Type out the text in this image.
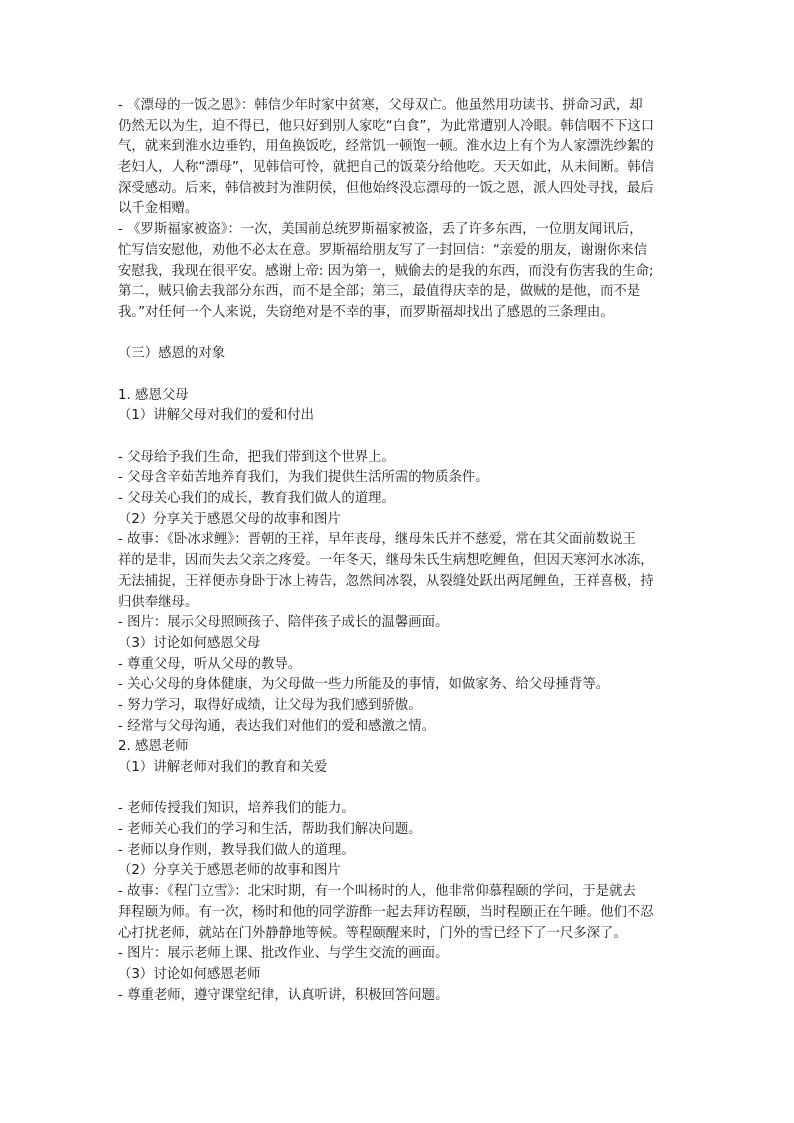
- 《漂母的一饭之恩》：韩信少年时家中贫寒，父母双亡。他虽然用功读书、拼命习武，却
仍然无以为生，迫不得已，他只好到别人家吃“白食”，为此常遭别人冷眼。韩信咽不下这口
气，就来到淮水边垂钓，用鱼换饭吃，经常饥一顿饱一顿。淮水边上有个为人家漂洗纱絮的
老妇人，人称“漂母”，见韩信可怜，就把自己的饭菜分给他吃。天天如此，从未间断。韩信
深受感动。后来，韩信被封为淮阴侯，但他始终没忘漂母的一饭之恩，派人四处寻找，最后
以千金相赠。
- 《罗斯福家被盗》：一次，美国前总统罗斯福家被盗，丢了许多东西，一位朋友闻讯后，
忙写信安慰他，劝他不必太在意。罗斯福给朋友写了一封回信：“亲爱的朋友，谢谢你来信
安慰我，我现在很平安。感谢上帝: 因为第一，贼偷去的是我的东西，而没有伤害我的生命;
第二，贼只偷去我部分东西，而不是全部；第三，最值得庆幸的是，做贼的是他，而不是
我。”对任何一个人来说，失窃绝对是不幸的事，而罗斯福却找出了感恩的三条理由。
（三）感恩的对象
1. 感恩父母
（1）讲解父母对我们的爱和付出
- 父母给予我们生命，把我们带到这个世界上。
- 父母含辛茹苦地养育我们，为我们提供生活所需的物质条件。
- 父母关心我们的成长，教育我们做人的道理。
（2）分享关于感恩父母的故事和图片
- 故事：《卧冰求鲤》：晋朝的王祥，早年丧母，继母朱氏并不慈爱，常在其父面前数说王
祥的是非，因而失去父亲之疼爱。一年冬天，继母朱氏生病想吃鲤鱼，但因天寒河水冰冻，
无法捕捉，王祥便赤身卧于冰上祷告，忽然间冰裂，从裂缝处跃出两尾鲤鱼，王祥喜极，持
归供奉继母。
- 图片：展示父母照顾孩子、陪伴孩子成长的温馨画面。
（3）讨论如何感恩父母
- 尊重父母，听从父母的教导。
- 关心父母的身体健康，为父母做一些力所能及的事情，如做家务、给父母捶背等。
- 努力学习，取得好成绩，让父母为我们感到骄傲。
- 经常与父母沟通，表达我们对他们的爱和感激之情。
2. 感恩老师
（1）讲解老师对我们的教育和关爱
- 老师传授我们知识，培养我们的能力。
- 老师关心我们的学习和生活，帮助我们解决问题。
- 老师以身作则，教导我们做人的道理。
（2）分享关于感恩老师的故事和图片
- 故事：《程门立雪》：北宋时期，有一个叫杨时的人，他非常仰慕程颐的学问，于是就去
拜程颐为师。有一次，杨时和他的同学游酢一起去拜访程颐，当时程颐正在午睡。他们不忍
心打扰老师，就站在门外静静地等候。等程颐醒来时，门外的雪已经下了一尺多深了。
- 图片：展示老师上课、批改作业、与学生交流的画面。
（3）讨论如何感恩老师
- 尊重老师，遵守课堂纪律，认真听讲，积极回答问题。
